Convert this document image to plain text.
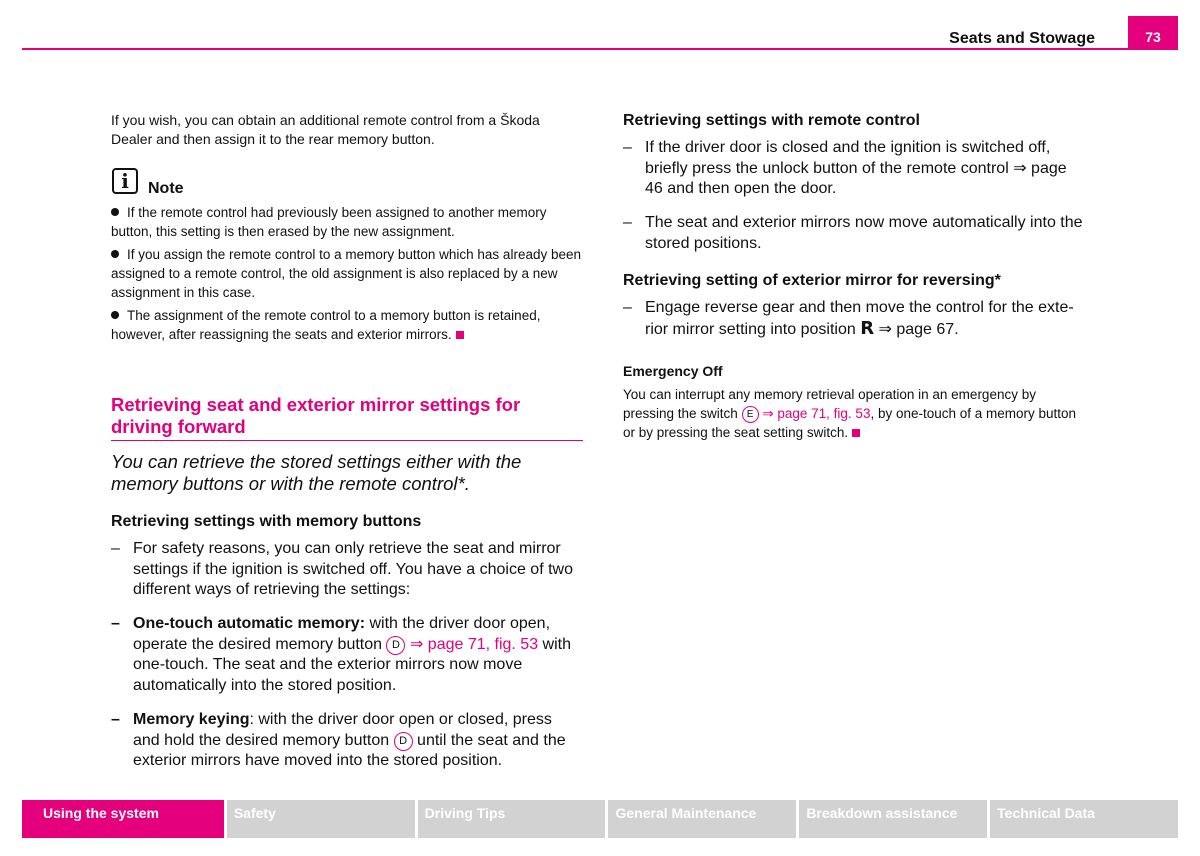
Seats and Stowage	73
If you wish, you can obtain an additional remote control from a Škoda Dealer and then assign it to the rear memory button.
i	Note
If the remote control had previously been assigned to another memory button, this setting is then erased by the new assignment.
If you assign the remote control to a memory button which has already been assigned to a remote control, the old assignment is also replaced by a new assignment in this case.
The assignment of the remote control to a memory button is retained, however, after reassigning the seats and exterior mirrors.
Retrieving seat and exterior mirror settings for driving forward
You can retrieve the stored settings either with the memory buttons or with the remote control*.
Retrieving settings with memory buttons
– For safety reasons, you can only retrieve the seat and mirror settings if the ignition is switched off. You have a choice of two different ways of retrieving the settings:
– One-touch automatic memory: with the driver door open, operate the desired memory button D ⇒ page 71, fig. 53 with one-touch. The seat and the exterior mirrors now move automatically into the stored position.
– Memory keying: with the driver door open or closed, press and hold the desired memory button D until the seat and the exterior mirrors have moved into the stored position.
Retrieving settings with remote control
– If the driver door is closed and the ignition is switched off, briefly press the unlock button of the remote control ⇒ page 46 and then open the door.
– The seat and exterior mirrors now move automatically into the stored positions.
Retrieving setting of exterior mirror for reversing*
– Engage reverse gear and then move the control for the exte-rior mirror setting into position R ⇒ page 67.
Emergency Off
You can interrupt any memory retrieval operation in an emergency by pressing the switch E ⇒ page 71, fig. 53, by one-touch of a memory button or by pressing the seat setting switch.
Using the system	Safety	Driving Tips	General Maintenance	Breakdown assistance	Technical Data
